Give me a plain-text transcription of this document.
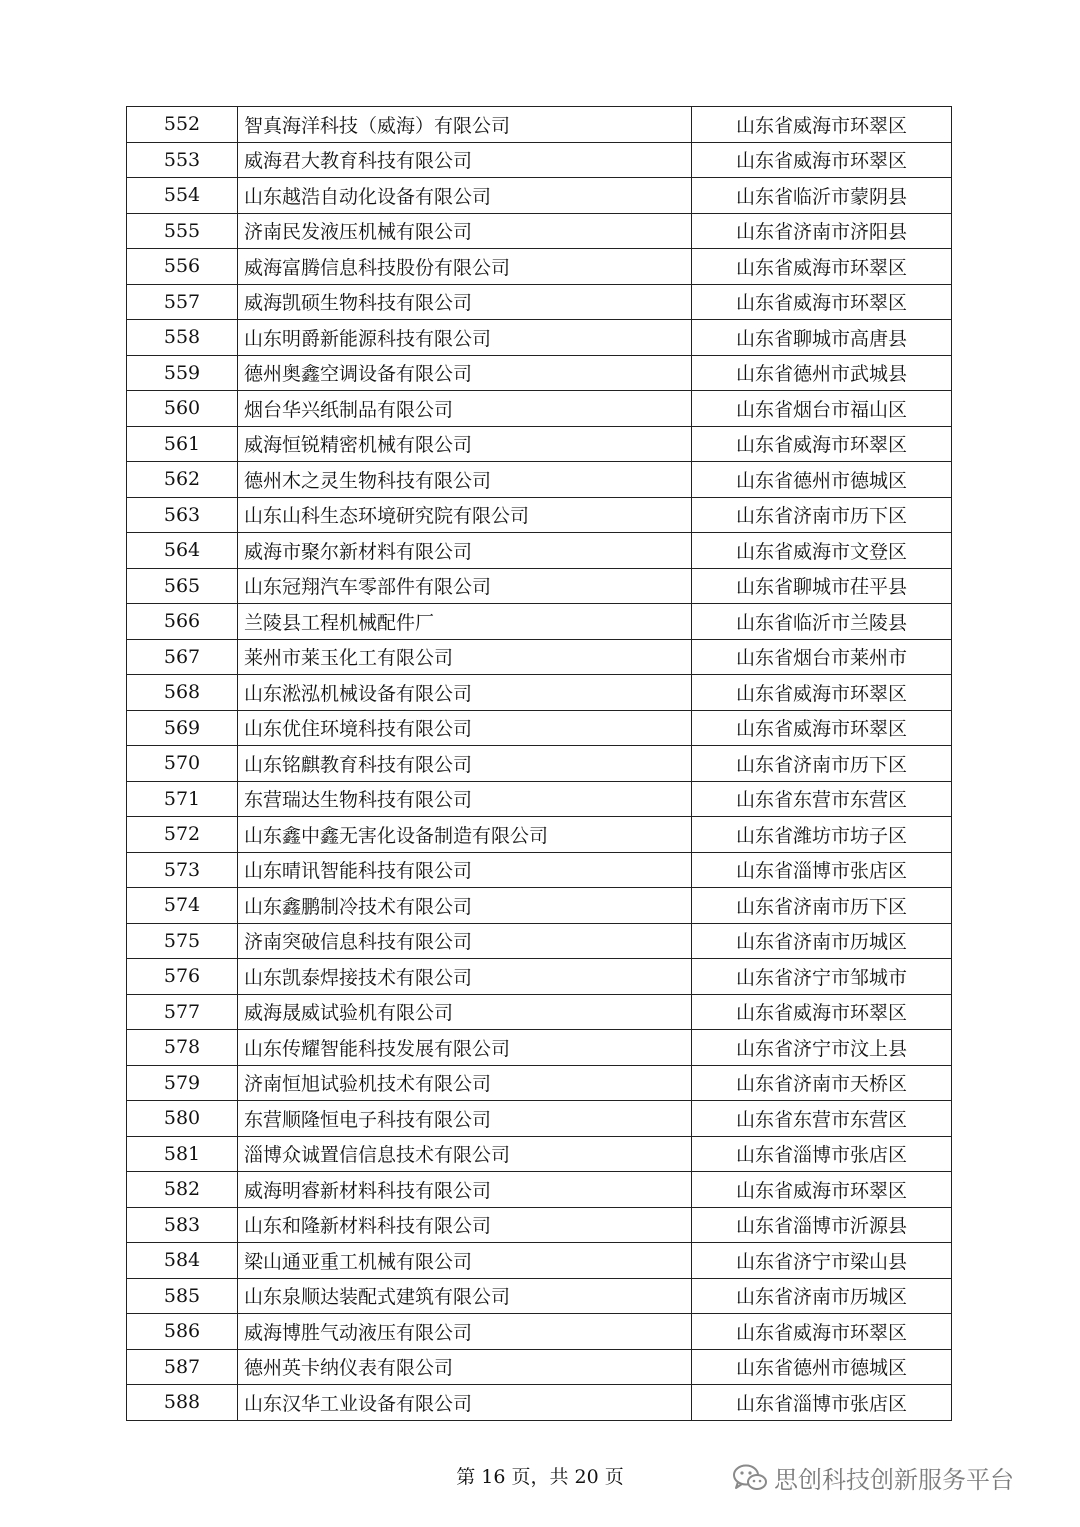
552	智真海洋科技（威海）有限公司	山东省威海市环翠区
553	威海君大教育科技有限公司	山东省威海市环翠区
554	山东越浩自动化设备有限公司	山东省临沂市蒙阴县
555	济南民发液压机械有限公司	山东省济南市济阳县
556	威海富腾信息科技股份有限公司	山东省威海市环翠区
557	威海凯硕生物科技有限公司	山东省威海市环翠区
558	山东明爵新能源科技有限公司	山东省聊城市高唐县
559	德州奥鑫空调设备有限公司	山东省德州市武城县
560	烟台华兴纸制品有限公司	山东省烟台市福山区
561	威海恒锐精密机械有限公司	山东省威海市环翠区
562	德州木之灵生物科技有限公司	山东省德州市德城区
563	山东山科生态环境研究院有限公司	山东省济南市历下区
564	威海市聚尔新材料有限公司	山东省威海市文登区
565	山东冠翔汽车零部件有限公司	山东省聊城市茌平县
566	兰陵县工程机械配件厂	山东省临沂市兰陵县
567	莱州市莱玉化工有限公司	山东省烟台市莱州市
568	山东淞泓机械设备有限公司	山东省威海市环翠区
569	山东优住环境科技有限公司	山东省威海市环翠区
570	山东铭麒教育科技有限公司	山东省济南市历下区
571	东营瑞达生物科技有限公司	山东省东营市东营区
572	山东鑫中鑫无害化设备制造有限公司	山东省潍坊市坊子区
573	山东晴讯智能科技有限公司	山东省淄博市张店区
574	山东鑫鹏制冷技术有限公司	山东省济南市历下区
575	济南突破信息科技有限公司	山东省济南市历城区
576	山东凯泰焊接技术有限公司	山东省济宁市邹城市
577	威海晟威试验机有限公司	山东省威海市环翠区
578	山东传耀智能科技发展有限公司	山东省济宁市汶上县
579	济南恒旭试验机技术有限公司	山东省济南市天桥区
580	东营顺隆恒电子科技有限公司	山东省东营市东营区
581	淄博众诚置信信息技术有限公司	山东省淄博市张店区
582	威海明睿新材料科技有限公司	山东省威海市环翠区
583	山东和隆新材料科技有限公司	山东省淄博市沂源县
584	梁山通亚重工机械有限公司	山东省济宁市梁山县
585	山东泉顺达装配式建筑有限公司	山东省济南市历城区
586	威海博胜气动液压有限公司	山东省威海市环翠区
587	德州英卡纳仪表有限公司	山东省德州市德城区
588	山东汉华工业设备有限公司	山东省淄博市张店区
第 16 页，共 20 页	思创科技创新服务平台
